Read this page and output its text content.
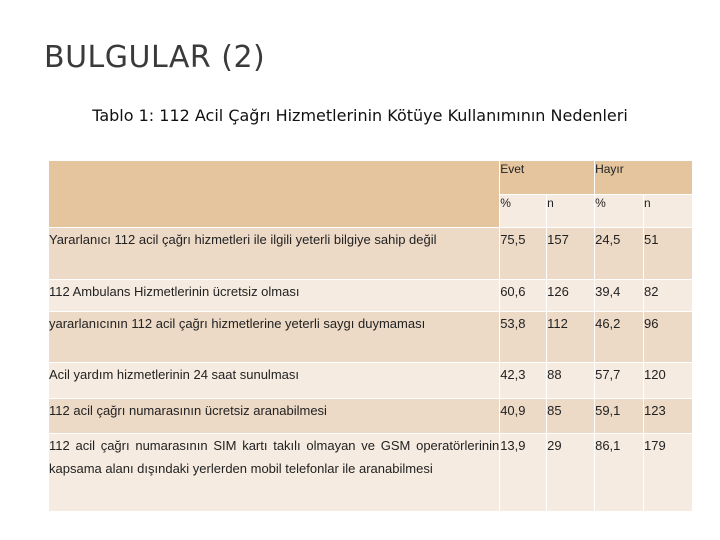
BULGULAR (2)

Tablo 1: 112 Acil Çağrı Hizmetlerinin Kötüye Kullanımının Nedenleri

	Evet		Hayır	
	%	n	%	n
Yararlanıcı 112 acil çağrı hizmetleri ile ilgili yeterli bilgiye sahip değil	75,5	157	24,5	51
112 Ambulans Hizmetlerinin ücretsiz olması	60,6	126	39,4	82
yararlanıcının 112 acil çağrı hizmetlerine yeterli saygı duymaması	53,8	112	46,2	96
Acil yardım hizmetlerinin 24 saat sunulması	42,3	88	57,7	120
112 acil çağrı numarasının ücretsiz aranabilmesi	40,9	85	59,1	123
112 acil çağrı numarasının SIM kartı takılı olmayan ve GSM operatörlerinin kapsama alanı dışındaki yerlerden mobil telefonlar ile aranabilmesi	13,9	29	86,1	179
